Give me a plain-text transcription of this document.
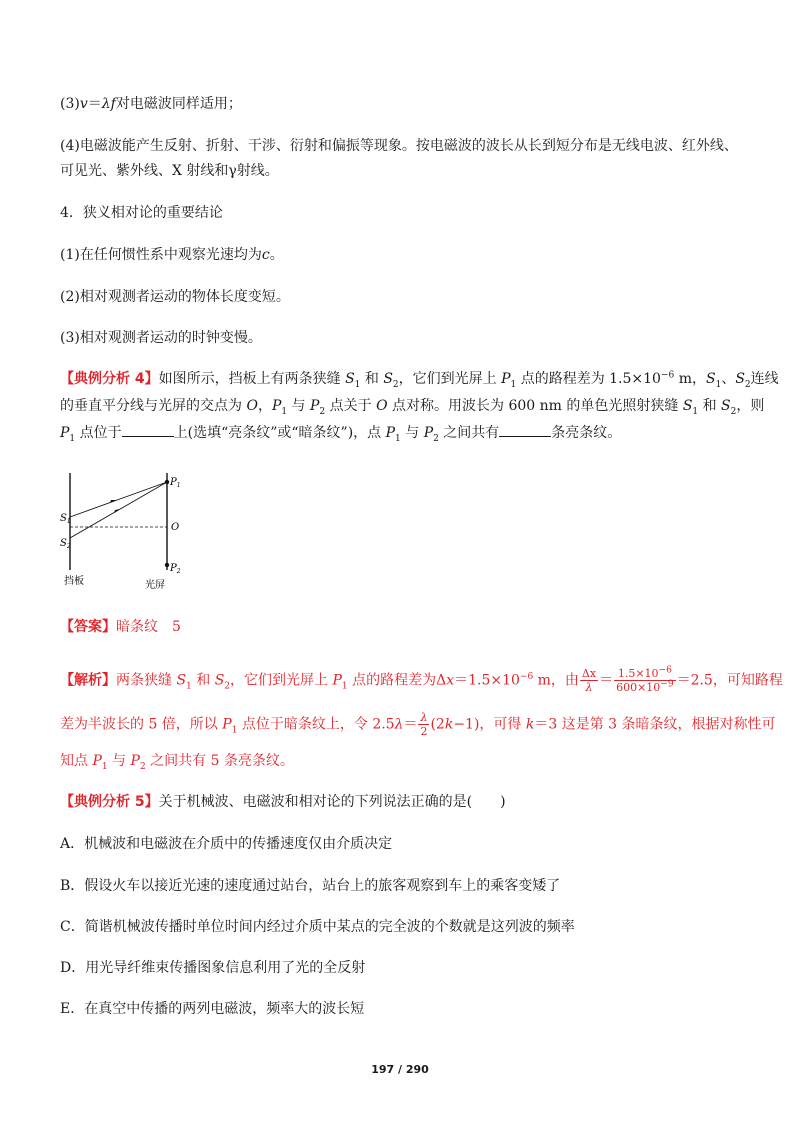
(3)v＝λf对电磁波同样适用；
(4)电磁波能产生反射、折射、干涉、衍射和偏振等现象。按电磁波的波长从长到短分布是无线电波、红外线、
可见光、紫外线、X 射线和γ射线。
4．狭义相对论的重要结论
(1)在任何惯性系中观察光速均为c。
(2)相对观测者运动的物体长度变短。
(3)相对观测者运动的时钟变慢。
【典例分析 4】如图所示，挡板上有两条狭缝 $S_1$ 和 $S_2$，它们到光屏上 $P_1$ 点的路程差为 $1.5\times 10^{-6}$ m，$S_1$、$S_2$连线
的垂直平分线与光屏的交点为 O，$P_1$ 与 $P_2$ 点关于 O 点对称。用波长为 600 nm 的单色光照射狭缝 $S_1$ 和 $S_2$，则
$P_1$ 点位于	上(选填“亮条纹”或“暗条纹”)，点 $P_1$ 与 $P_2$ 之间共有	条亮条纹。
$P_1$
$S_1$
O
$S_2$
$P_2$
挡板	光屏
【答案】暗条纹　5
【解析】两条狭缝 $S_1$ 和 $S_2$，它们到光屏上 $P_1$ 点的路程差为$\Delta x=1.5\times 10^{-6}$ m，由 $\frac{\Delta x}{\lambda} = \frac{1.5\times 10^{-6}}{600\times 10^{-9}} =2.5$，可知路程
差为半波长的 5 倍，所以 $P_1$ 点位于暗条纹上，令 $2.5\lambda= \frac{\lambda}{2} (2k-1)$，可得 k＝3 这是第 3 条暗条纹，根据对称性可
知点 $P_1$ 与 $P_2$ 之间共有 5 条亮条纹。
【典例分析 5】关于机械波、电磁波和相对论的下列说法正确的是(　　)
A．机械波和电磁波在介质中的传播速度仅由介质决定
B．假设火车以接近光速的速度通过站台，站台上的旅客观察到车上的乘客变矮了
C．简谐机械波传播时单位时间内经过介质中某点的完全波的个数就是这列波的频率
D．用光导纤维束传播图象信息利用了光的全反射
E．在真空中传播的两列电磁波，频率大的波长短
197 / 290
